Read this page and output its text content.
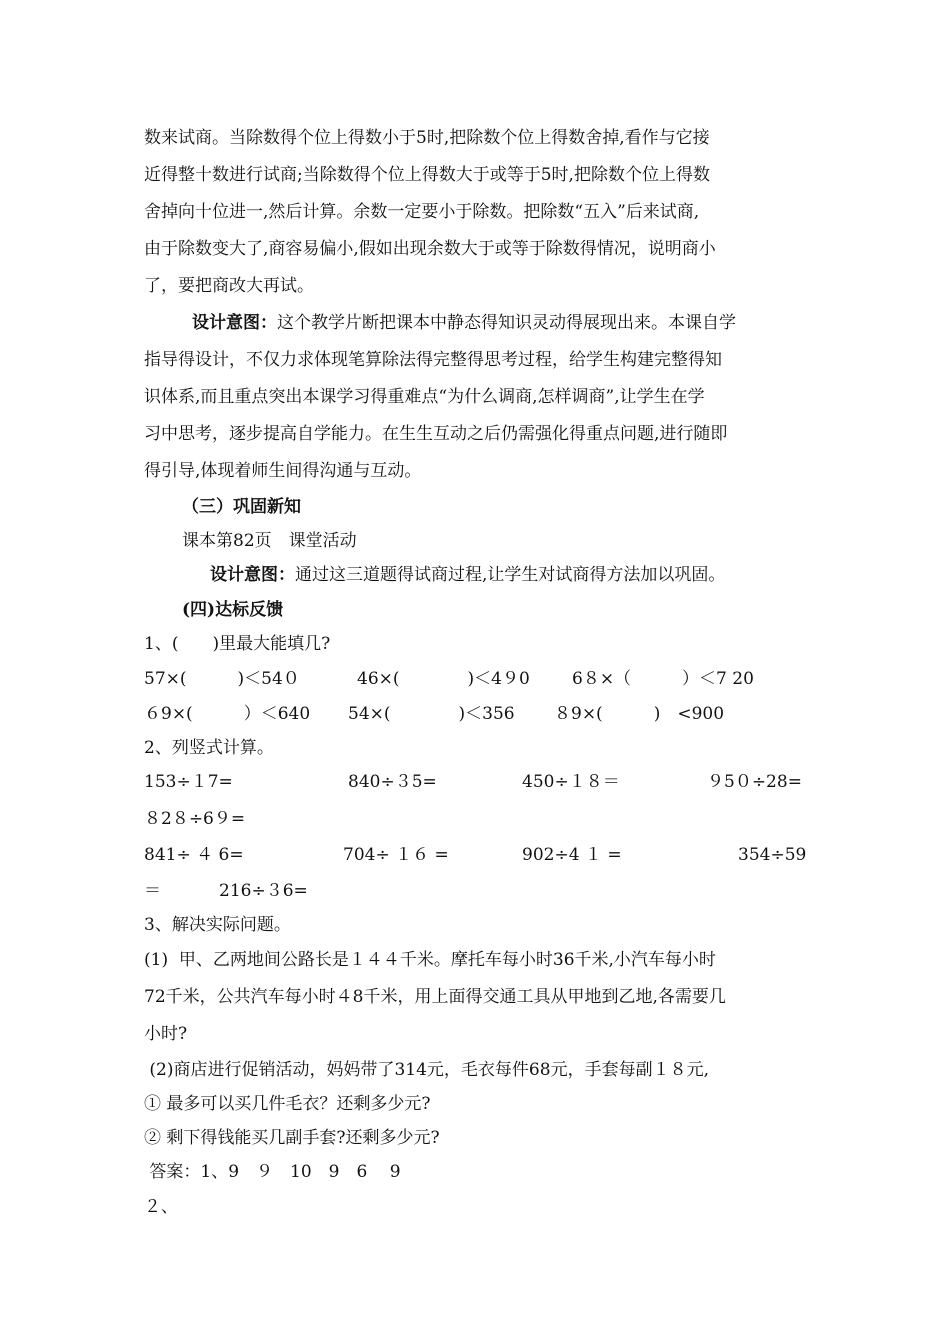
数来试商。当除数得个位上得数小于5时,把除数个位上得数舍掉,看作与它接
近得整十数进行试商;当除数得个位上得数大于或等于5时,把除数个位上得数
舍掉向十位进一,然后计算。余数一定要小于除数。把除数“五入”后来试商,
由于除数变大了,商容易偏小,假如出现余数大于或等于除数得情况，说明商小
了，要把商改大再试。
设计意图：这个教学片断把课本中静态得知识灵动得展现出来。本课自学
指导得设计，不仅力求体现笔算除法得完整得思考过程，给学生构建完整得知
识体系,而且重点突出本课学习得重难点“为什么调商,怎样调商”,让学生在学
习中思考，逐步提高自学能力。在生生互动之后仍需强化得重点问题,进行随即
得引导,体现着师生间得沟通与互动。
（三）巩固新知
课本第82页　课堂活动
设计意图：通过这三道题得试商过程,让学生对试商得方法加以巩固。
(四)达标反馈
1、(　　)里最大能填几?
57×(　　　)＜54０	46×(　　　　)＜4９0 6８×（　　　）＜7 20
６9×(　　　）＜640 54×(　　　　)＜356 ８9×(　　　)　<900
2、列竖式计算。
153÷１7=	840÷３5=	450÷１８＝	９5０÷28=
８2８÷6９=
841÷ ４ 6=	704÷ １６ =	902÷4 １ =	354÷59
＝	216÷３6=
3、解决实际问题。
(1)  甲、乙两地间公路长是１４４千米。摩托车每小时36千米,小汽车每小时
72千米，公共汽车每小时４8千米，用上面得交通工具从甲地到乙地,各需要几
小时?
(2)商店进行促销活动，妈妈带了314元，毛衣每件68元，手套每副１８元,
① 最多可以买几件毛衣？还剩多少元?
② 剩下得钱能买几副手套?还剩多少元?
答案：1、9　９　10　9　6　 9
２、
